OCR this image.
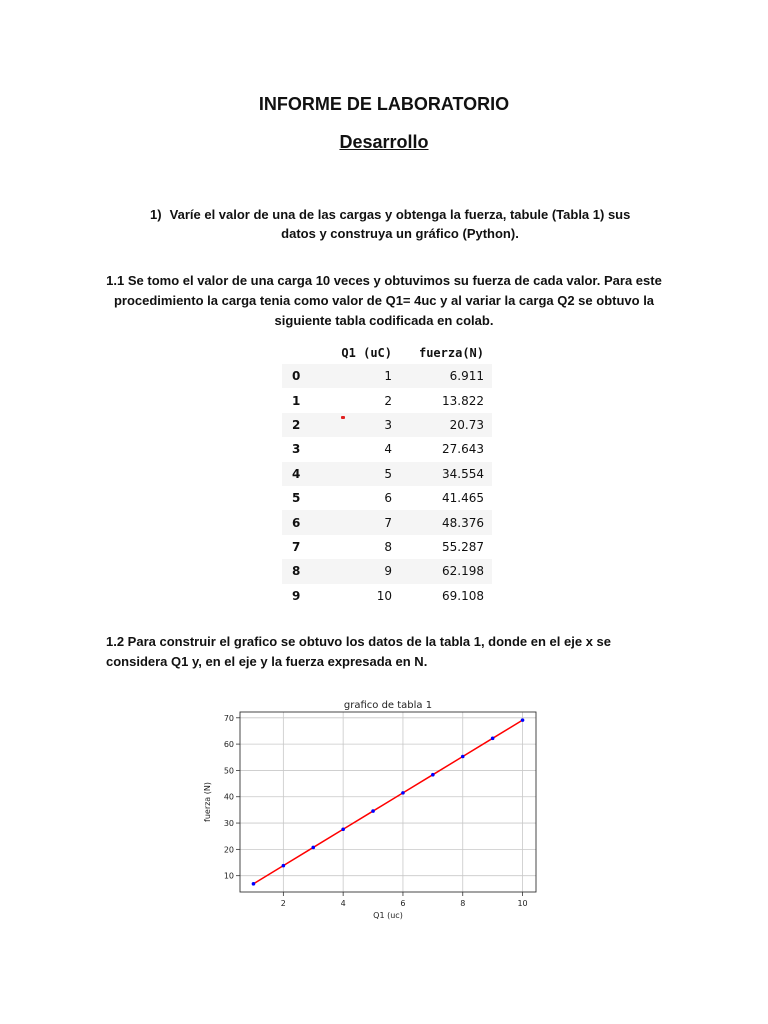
INFORME DE LABORATORIO
Desarrollo
1) Varíe el valor de una de las cargas y obtenga la fuerza, tabule (Tabla 1) sus datos y construya un gráfico (Python).
1.1 Se tomo el valor de una carga 10 veces y obtuvimos su fuerza de cada valor. Para este procedimiento la carga tenia como valor de Q1= 4uc y al variar la carga Q2 se obtuvo la siguiente tabla codificada en colab.
	Q1 (uC)	fuerza(N)
0	1	6.911
1	2	13.822
2	3	20.73
3	4	27.643
4	5	34.554
5	6	41.465
6	7	48.376
7	8	55.287
8	9	62.198
9	10	69.108
1.2 Para construir el grafico se obtuvo los datos de la tabla 1, donde en el eje x se considera Q1 y, en el eje y la fuerza expresada en N.
2	4	6	8	10
10
20
30
40
50
60
70
grafico de tabla 1
Q1 (uc)
fuerza (N)
